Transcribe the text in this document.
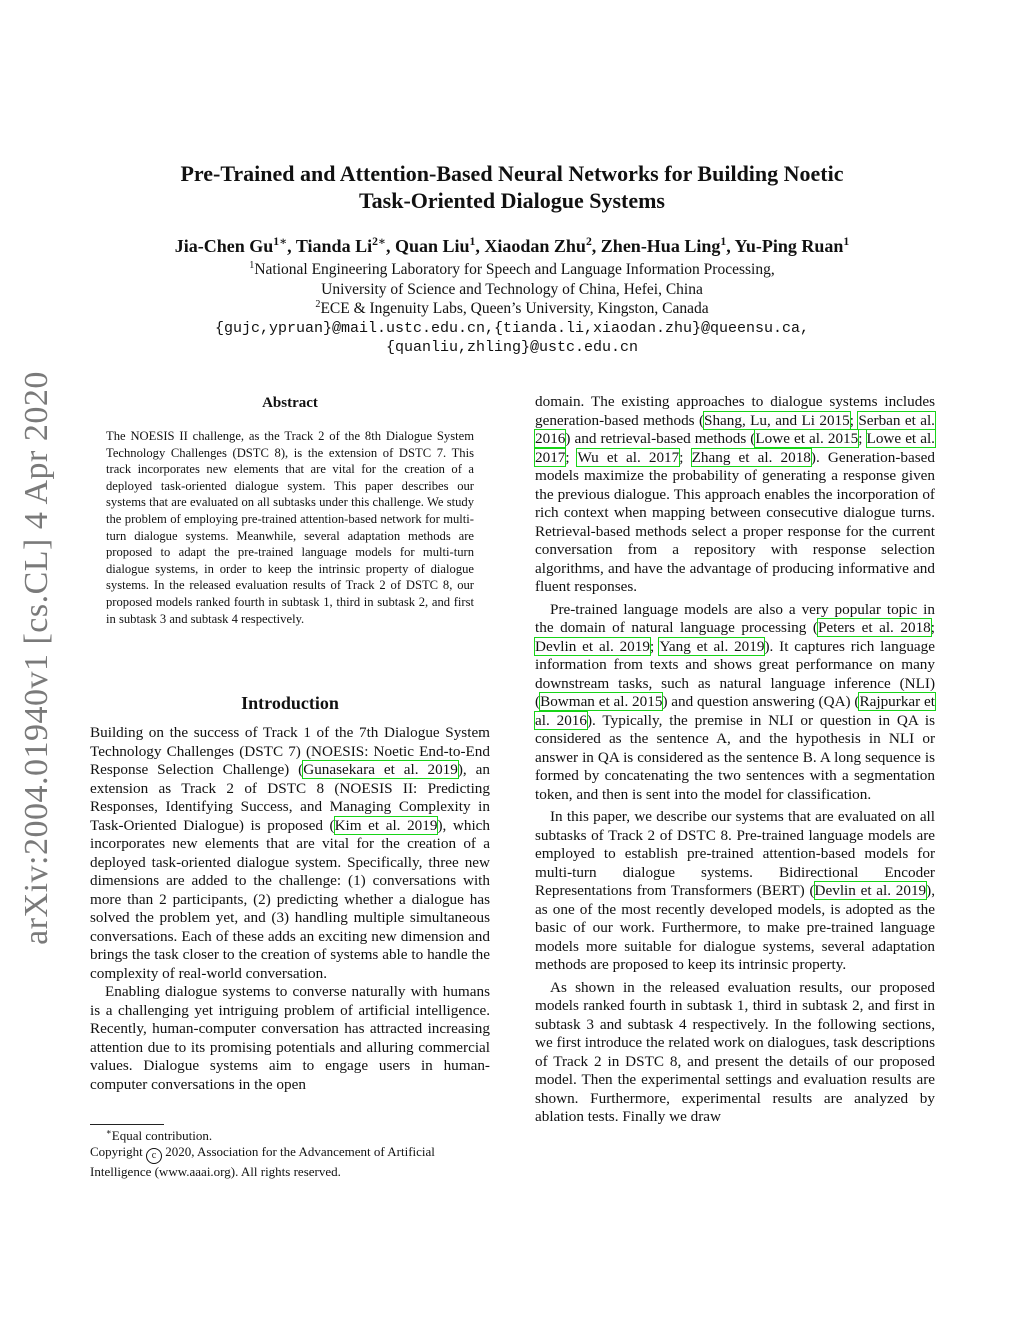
arXiv:2004.01940v1 [cs.CL] 4 Apr 2020
Pre-Trained and Attention-Based Neural Networks for Building Noetic
Task-Oriented Dialogue Systems
Jia-Chen $Gu^{1∗}$, Tianda $Li^{2∗}$, Quan Liu$^1$, Xiaodan Zhu$^2$, Zhen-Hua Ling$^1$, Yu-Ping Ruan$^1$
$^1$National Engineering Laboratory for Speech and Language Information Processing,
University of Science and Technology of China, Hefei, China
$^2$ECE & Ingenuity Labs, Queen’s University, Kingston, Canada
{gujc,ypruan}@mail.ustc.edu.cn,{tianda.li,xiaodan.zhu}@queensu.ca,
{quanliu,zhling}@ustc.edu.cn
Abstract
The NOESIS II challenge, as the Track 2 of the 8th Dialogue System Technology Challenges (DSTC 8), is the extension of DSTC 7. This track incorporates new elements that are vital for the creation of a deployed task-oriented dialogue system. This paper describes our systems that are evaluated on all subtasks under this challenge. We study the problem of employing pre-trained attention-based network for multi-turn dialogue systems. Meanwhile, several adaptation methods are proposed to adapt the pre-trained language models for multi-turn dialogue systems, in order to keep the intrinsic property of dialogue systems. In the released evaluation results of Track 2 of DSTC 8, our proposed models ranked fourth in subtask 1, third in subtask 2, and first in subtask 3 and subtask 4 respectively.
Introduction

Building on the success of Track 1 of the 7th Dialogue System Technology Challenges (DSTC 7) (NOESIS: Noetic End-to-End Response Selection Challenge) (Gunasekara et al. 2019), an extension as Track 2 of DSTC 8 (NOESIS II: Predicting Responses, Identifying Success, and Managing Complexity in Task-Oriented Dialogue) is proposed (Kim et al. 2019), which incorporates new elements that are vital for the creation of a deployed task-oriented dialogue system. Specifically, three new dimensions are added to the challenge: (1) conversations with more than 2 participants, (2) predicting whether a dialogue has solved the problem yet, and (3) handling multiple simultaneous conversations. Each of these adds an exciting new dimension and brings the task closer to the creation of systems able to handle the complexity of real-world conversation.

Enabling dialogue systems to converse naturally with humans is a challenging yet intriguing problem of artificial intelligence. Recently, human-computer conversation has attracted increasing attention due to its promising potentials and alluring commercial values. Dialogue systems aim to engage users in human-computer conversations in the open

∗Equal contribution.
Copyright c 2020, Association for the Advancement of Artificial Intelligence (www.aaai.org). All rights reserved.

domain. The existing approaches to dialogue systems includes generation-based methods (Shang, Lu, and Li 2015; Serban et al. 2016) and retrieval-based methods (Lowe et al. 2015; Lowe et al. 2017; Wu et al. 2017; Zhang et al. 2018). Generation-based models maximize the probability of generating a response given the previous dialogue. This approach enables the incorporation of rich context when mapping between consecutive dialogue turns. Retrieval-based methods select a proper response for the current conversation from a repository with response selection algorithms, and have the advantage of producing informative and fluent responses.

Pre-trained language models are also a very popular topic in the domain of natural language processing (Peters et al. 2018; Devlin et al. 2019; Yang et al. 2019). It captures rich language information from texts and shows great performance on many downstream tasks, such as natural language inference (NLI) (Bowman et al. 2015) and question answering (QA) (Rajpurkar et al. 2016). Typically, the premise in NLI or question in QA is considered as the sentence A, and the hypothesis in NLI or answer in QA is considered as the sentence B. A long sequence is formed by concatenating the two sentences with a segmentation token, and then is sent into the model for classification.

In this paper, we describe our systems that are evaluated on all subtasks of Track 2 of DSTC 8. Pre-trained language models are employed to establish pre-trained attention-based models for multi-turn dialogue systems. Bidirectional Encoder Representations from Transformers (BERT) (Devlin et al. 2019), as one of the most recently developed models, is adopted as the basic of our work. Furthermore, to make pre-trained language models more suitable for dialogue systems, several adaptation methods are proposed to keep its intrinsic property.

As shown in the released evaluation results, our proposed models ranked fourth in subtask 1, third in subtask 2, and first in subtask 3 and subtask 4 respectively. In the following sections, we first introduce the related work on dialogues, task descriptions of Track 2 in DSTC 8, and present the details of our proposed model. Then the experimental settings and evaluation results are shown. Furthermore, experimental results are analyzed by ablation tests. Finally we draw
